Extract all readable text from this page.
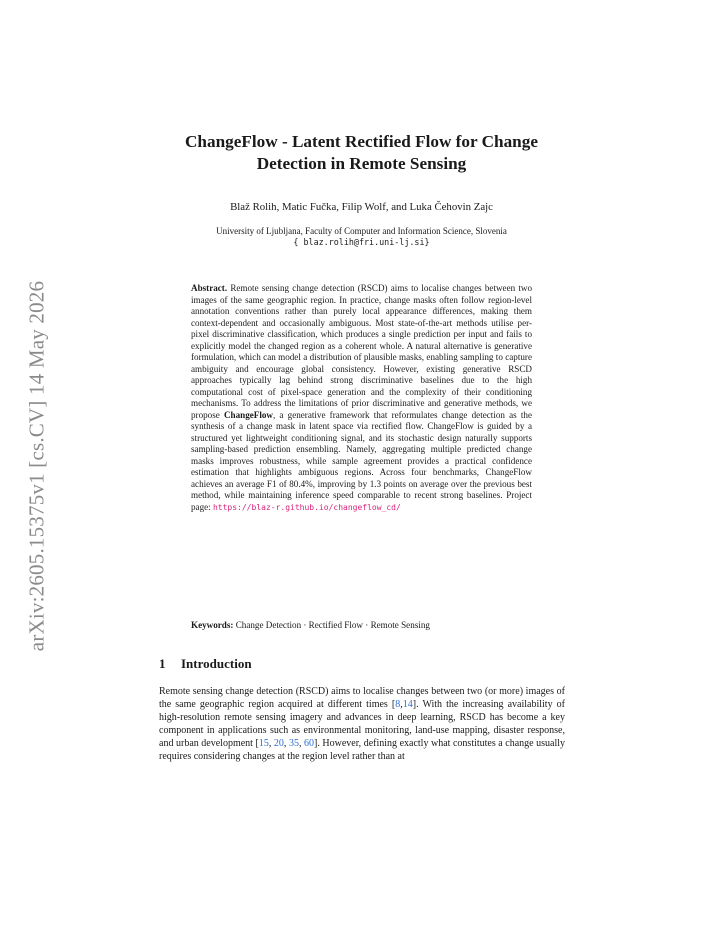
arXiv:2605.15375v1 [cs.CV] 14 May 2026
ChangeFlow - Latent Rectified Flow for Change
Detection in Remote Sensing
Blaž Rolih, Matic Fučka, Filip Wolf, and Luka Čehovin Zajc
University of Ljubljana, Faculty of Computer and Information Science, Slovenia
{ blaz.rolih@fri.uni-lj.si}
Abstract. Remote sensing change detection (RSCD) aims to localise changes between two images of the same geographic region. In practice, change masks often follow region-level annotation conventions rather than purely local appearance differences, making them context-dependent and occasionally ambiguous. Most state-of-the-art methods utilise per-pixel discriminative classification, which produces a single prediction per input and fails to explicitly model the changed region as a coherent whole. A natural alternative is generative formulation, which can model a distribution of plausible masks, enabling sampling to capture ambiguity and encourage global consistency. However, existing generative RSCD approaches typically lag behind strong discriminative baselines due to the high computational cost of pixel-space generation and the complexity of their conditioning mechanisms. To address the limitations of prior discriminative and generative methods, we propose ChangeFlow, a generative framework that reformulates change detection as the synthesis of a change mask in latent space via rectified flow. ChangeFlow is guided by a structured yet lightweight conditioning signal, and its stochastic design naturally supports sampling-based prediction ensembling. Namely, aggregating multiple predicted change masks improves robustness, while sample agreement provides a practical confidence estimation that highlights ambiguous regions. Across four benchmarks, ChangeFlow achieves an average F1 of 80.4%, improving by 1.3 points on average over the previous best method, while maintaining inference speed comparable to recent strong baselines. Project page: https://blaz-r.github.io/changeflow_cd/
Keywords: Change Detection · Rectified Flow · Remote Sensing
1 Introduction
Remote sensing change detection (RSCD) aims to localise changes between two (or more) images of the same geographic region acquired at different times [8,14]. With the increasing availability of high-resolution remote sensing imagery and advances in deep learning, RSCD has become a key component in applications such as environmental monitoring, land-use mapping, disaster response, and urban development [15, 20, 35, 60]. However, defining exactly what constitutes a change usually requires considering changes at the region level rather than at
